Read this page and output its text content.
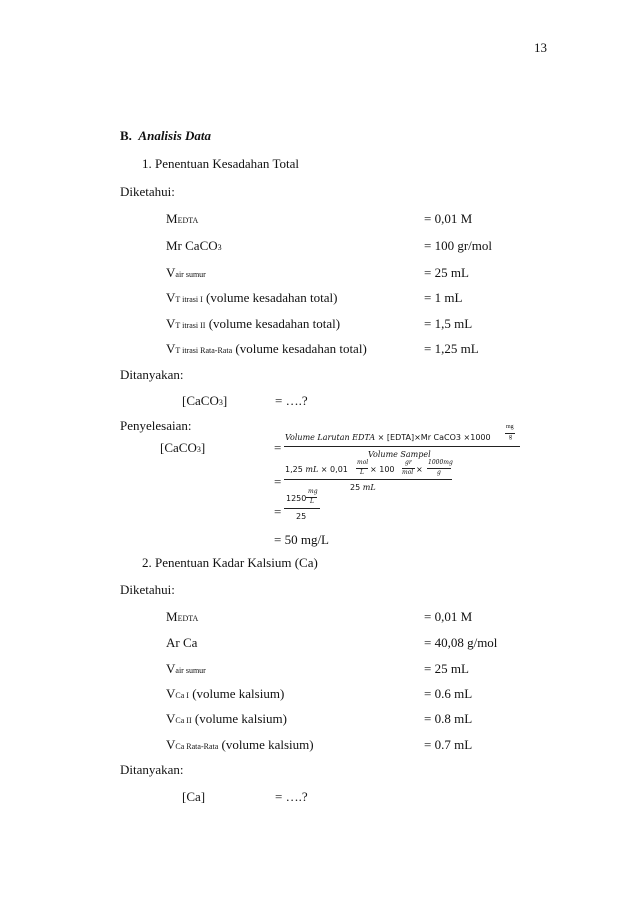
13
B. Analisis Data
1. Penentuan Kesadahan Total
Diketahui:
MEDTA	= 0,01 M
Mr CaCO3	= 100 gr/mol
Vair sumur	= 25 mL
VT itrasi I (volume kesadahan total)	= 1 mL
VT itrasi II (volume kesadahan total)	= 1,5 mL
VT itrasi Rata-Rata (volume kesadahan total)	= 1,25 mL
Ditanyakan:
[CaCO3]	= ….?
Penyelesaian:
[CaCO3]	=
Volume Larutan EDTA × [EDTA]×Mr CaCO3 ×1000
mg
g
Volume Sampel
=
1,25 mL × 0,01
mol
L × 100
gr
mol ×
1000mg
g
25 mL
=
1250
mg
L
25
= 50 mg/L
2. Penentuan Kadar Kalsium (Ca)
Diketahui:
MEDTA	= 0,01 M
Ar Ca	= 40,08 g/mol
Vair sumur	= 25 mL
VCa I (volume kalsium)	= 0.6 mL
VCa II (volume kalsium)	= 0.8 mL
VCa Rata-Rata (volume kalsium)	= 0.7 mL
Ditanyakan:
[Ca]	= ….?
